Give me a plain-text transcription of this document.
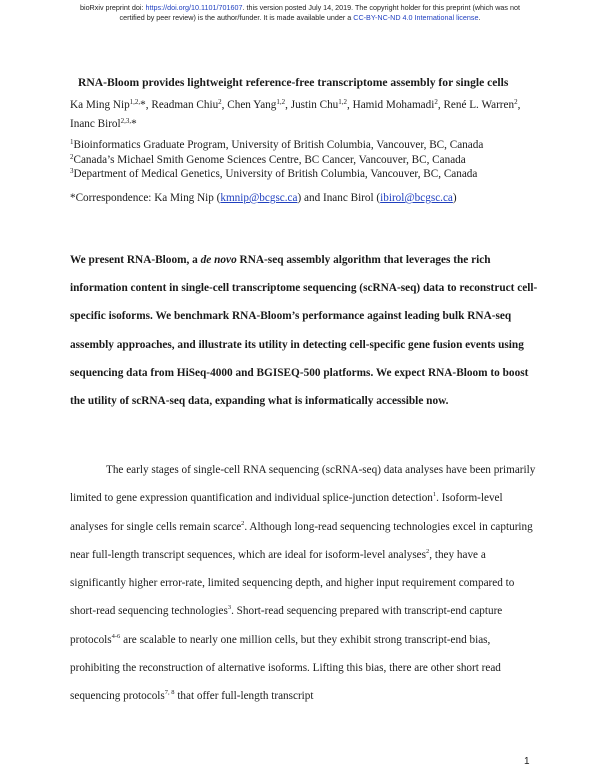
bioRxiv preprint doi: https://doi.org/10.1101/701607. this version posted July 14, 2019. The copyright holder for this preprint (which was not
certified by peer review) is the author/funder. It is made available under a CC-BY-NC-ND 4.0 International license.
RNA-Bloom provides lightweight reference-free transcriptome assembly for single cells
Ka Ming Nip$^{1,2,}$*, Readman Chiu$^2$, Chen Yang$^{1,2}$, Justin Chu$^{1,2}$, Hamid Mohamadi$^2$, René L. Warren$^2$, Inanc Birol$^{2,3,}$*
$^1$Bioinformatics Graduate Program, University of British Columbia, Vancouver, BC, Canada
$^2$Canada’s Michael Smith Genome Sciences Centre, BC Cancer, Vancouver, BC, Canada
$^3$Department of Medical Genetics, University of British Columbia, Vancouver, BC, Canada
*Correspondence: Ka Ming Nip (kmnip@bcgsc.ca) and Inanc Birol (ibirol@bcgsc.ca)
We present RNA-Bloom, a de novo RNA-seq assembly algorithm that leverages the rich information content in single-cell transcriptome sequencing (scRNA-seq) data to reconstruct cell-specific isoforms. We benchmark RNA-Bloom’s performance against leading bulk RNA-seq assembly approaches, and illustrate its utility in detecting cell-specific gene fusion events using sequencing data from HiSeq-4000 and BGISEQ-500 platforms. We expect RNA-Bloom to boost the utility of scRNA-seq data, expanding what is informatically accessible now.
The early stages of single-cell RNA sequencing (scRNA-seq) data analyses have been primarily limited to gene expression quantification and individual splice-junction detection$^1$. Isoform-level analyses for single cells remain scarce$^2$. Although long-read sequencing technologies excel in capturing near full-length transcript sequences, which are ideal for isoform-level analyses$^2$, they have a significantly higher error-rate, limited sequencing depth, and higher input requirement compared to short-read sequencing technologies$^3$. Short-read sequencing prepared with transcript-end capture protocols$^{4-6}$ are scalable to nearly one million cells, but they exhibit strong transcript-end bias, prohibiting the reconstruction of alternative isoforms. Lifting this bias, there are other short read sequencing protocols$^{7, 8}$ that offer full-length transcript
1
